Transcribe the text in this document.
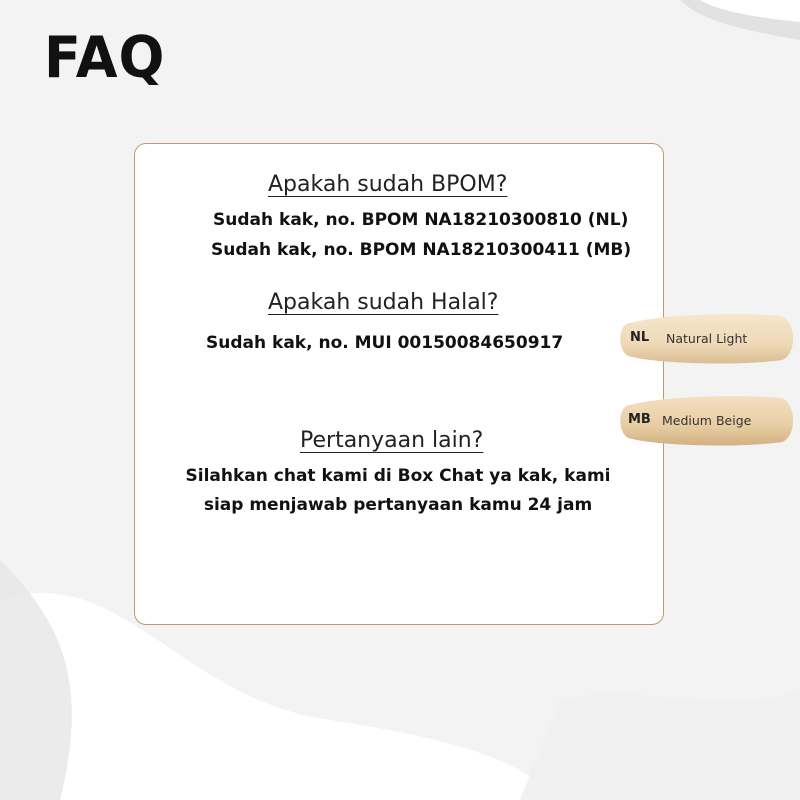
FAQ
Apakah sudah BPOM?
Sudah kak, no. BPOM NA18210300810 (NL)
Sudah kak, no. BPOM NA18210300411 (MB)
Apakah sudah Halal?
Sudah kak, no. MUI 00150084650917
Pertanyaan lain?
Silahkan chat kami di Box Chat ya kak, kami
siap menjawab pertanyaan kamu 24 jam
NL Natural Light
MB Medium Beige
